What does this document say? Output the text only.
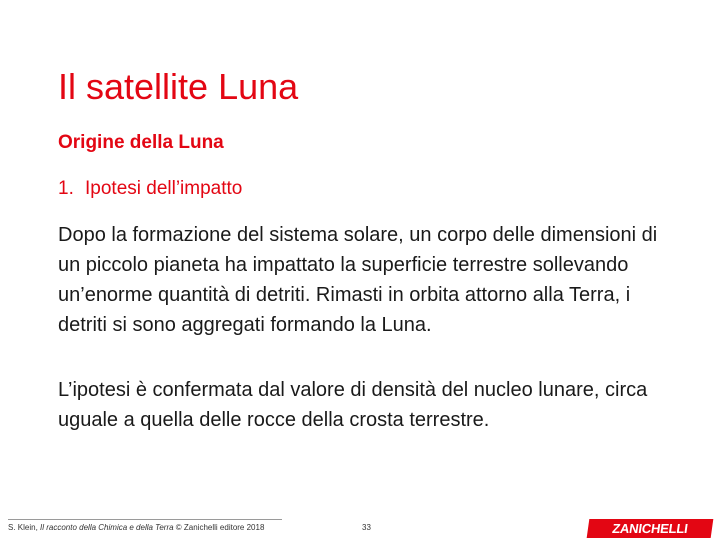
Il satellite Luna
Origine della Luna
1. Ipotesi dell’impatto

Dopo la formazione del sistema solare, un corpo delle dimensioni di un piccolo pianeta ha impattato la superficie terrestre sollevando un’enorme quantità di detriti. Rimasti in orbita attorno alla Terra, i detriti si sono aggregati formando la Luna.

L’ipotesi è confermata dal valore di densità del nucleo lunare, circa uguale a quella delle rocce della crosta terrestre.

S. Klein, Il racconto della Chimica e della Terra © Zanichelli editore 2018	33	ZANICHELLI
